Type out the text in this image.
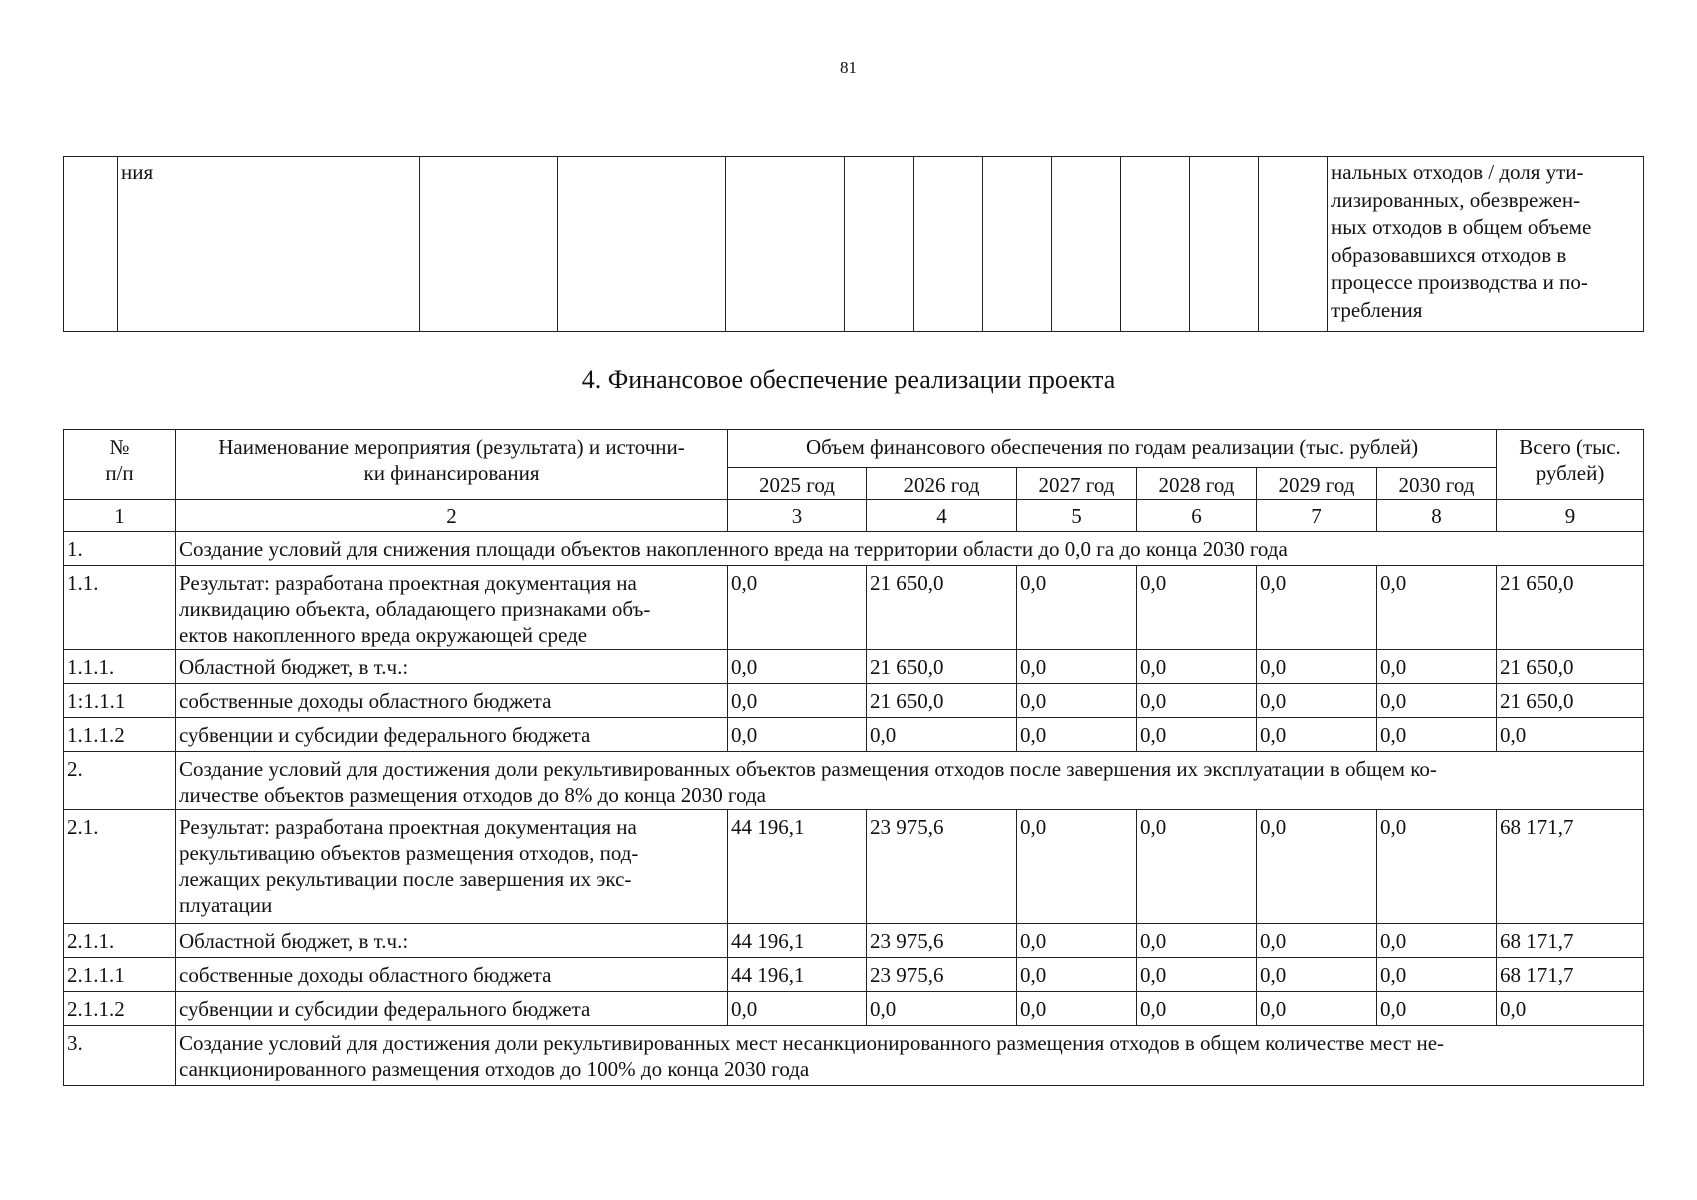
81
	ния											нальных отходов / доля ути-
лизированных, обезврежен-
ных отходов в общем объеме
образовавшихся отходов в
процессе производства и по-
требления
4. Финансовое обеспечение реализации проекта
№
п/п	Наименование мероприятия (результата) и источни-
ки финансирования	Объем финансового обеспечения по годам реализации (тыс. рублей)						Всего (тыс.
рублей)
		2025 год	2026 год	2027 год	2028 год	2029 год	2030 год	
1	2	3	4	5	6	7	8	9
1.	Создание условий для снижения площади объектов накопленного вреда на территории области до 0,0 га до конца 2030 года							

1.1.	Результат: разработана проектная документация на
ликвидацию объекта, обладающего признаками объ-
ектов накопленного вреда окружающей среде	0,0	21 650,0	0,0	0,0	0,0	0,0	21 650,0
1.1.1.	Областной бюджет, в т.ч.:	0,0	21 650,0	0,0	0,0	0,0	0,0	21 650,0
1:1.1.1	собственные доходы областного бюджета	0,0	21 650,0	0,0	0,0	0,0	0,0	21 650,0
1.1.1.2	субвенции и субсидии федерального бюджета	0,0	0,0	0,0	0,0	0,0	0,0	0,0
2.	Создание условий для достижения доли рекультивированных объектов размещения отходов после завершения их эксплуатации в общем ко-
личестве объектов размещения отходов до 8% до конца 2030 года							

2.1.	Результат: разработана проектная документация на
рекультивацию объектов размещения отходов, под-
лежащих рекультивации после завершения их экс-
плуатации	44 196,1	23 975,6	0,0	0,0	0,0	0,0	68 171,7
2.1.1.	Областной бюджет, в т.ч.:	44 196,1	23 975,6	0,0	0,0	0,0	0,0	68 171,7
2.1.1.1	собственные доходы областного бюджета	44 196,1	23 975,6	0,0	0,0	0,0	0,0	68 171,7
2.1.1.2	субвенции и субсидии федерального бюджета	0,0	0,0	0,0	0,0	0,0	0,0	0,0
3.	Создание условий для достижения доли рекультивированных мест несанкционированного размещения отходов в общем количестве мест не-
санкционированного размещения отходов до 100% до конца 2030 года							
